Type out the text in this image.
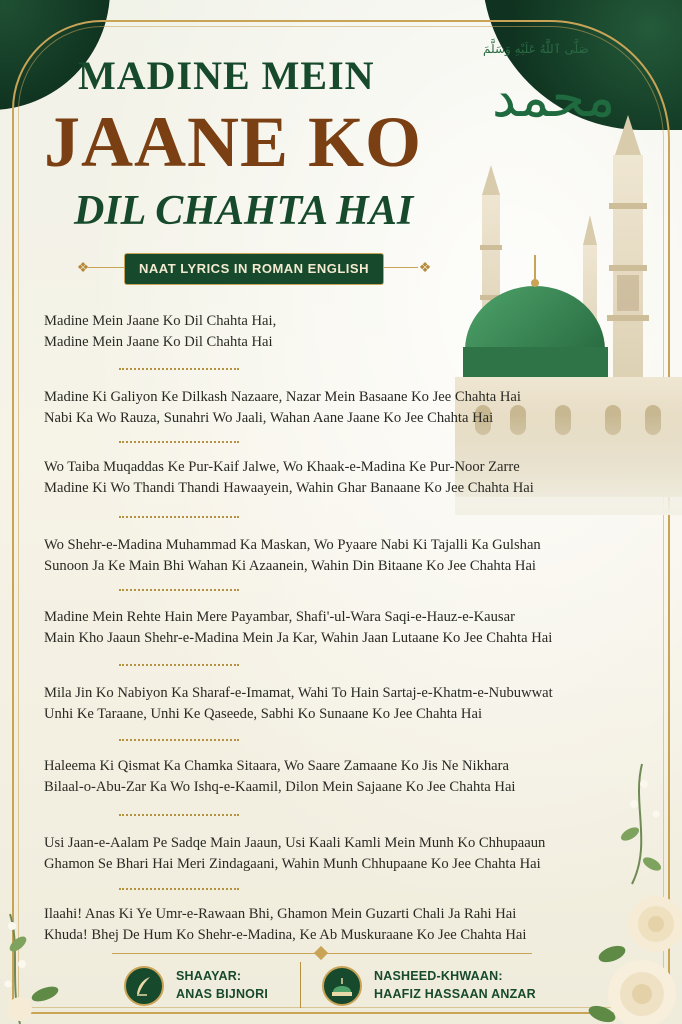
صَلَّى ٱللَّٰهُ عَلَيْهِ وَسَلَّمَ
محمد
MADINE MEIN
JAANE KO
DIL CHAHTA HAI
❖	❖
NAAT LYRICS IN ROMAN ENGLISH
Madine Mein Jaane Ko Dil Chahta Hai,
Madine Mein Jaane Ko Dil Chahta Hai
Madine Ki Galiyon Ke Dilkash Nazaare, Nazar Mein Basaane Ko Jee Chahta Hai
Nabi Ka Wo Rauza, Sunahri Wo Jaali, Wahan Aane Jaane Ko Jee Chahta Hai
Wo Taiba Muqaddas Ke Pur-Kaif Jalwe, Wo Khaak-e-Madina Ke Pur-Noor Zarre
Madine Ki Wo Thandi Thandi Hawaayein, Wahin Ghar Banaane Ko Jee Chahta Hai
Wo Shehr-e-Madina Muhammad Ka Maskan, Wo Pyaare Nabi Ki Tajalli Ka Gulshan
Sunoon Ja Ke Main Bhi Wahan Ki Azaanein, Wahin Din Bitaane Ko Jee Chahta Hai
Madine Mein Rehte Hain Mere Payambar, Shafi'-ul-Wara Saqi-e-Hauz-e-Kausar
Main Kho Jaaun Shehr-e-Madina Mein Ja Kar, Wahin Jaan Lutaane Ko Jee Chahta Hai
Mila Jin Ko Nabiyon Ka Sharaf-e-Imamat, Wahi To Hain Sartaj-e-Khatm-e-Nubuwwat
Unhi Ke Taraane, Unhi Ke Qaseede, Sabhi Ko Sunaane Ko Jee Chahta Hai
Haleema Ki Qismat Ka Chamka Sitaara, Wo Saare Zamaane Ko Jis Ne Nikhara
Bilaal-o-Abu-Zar Ka Wo Ishq-e-Kaamil, Dilon Mein Sajaane Ko Jee Chahta Hai
Usi Jaan-e-Aalam Pe Sadqe Main Jaaun, Usi Kaali Kamli Mein Munh Ko Chhupaaun
Ghamon Se Bhari Hai Meri Zindagaani, Wahin Munh Chhupaane Ko Jee Chahta Hai
Ilaahi! Anas Ki Ye Umr-e-Rawaan Bhi, Ghamon Mein Guzarti Chali Ja Rahi Hai
Khuda! Bhej De Hum Ko Shehr-e-Madina, Ke Ab Muskuraane Ko Jee Chahta Hai
SHAAYAR:
ANAS BIJNORI
NASHEED-KHWAAN:
HAAFIZ HASSAAN ANZAR
